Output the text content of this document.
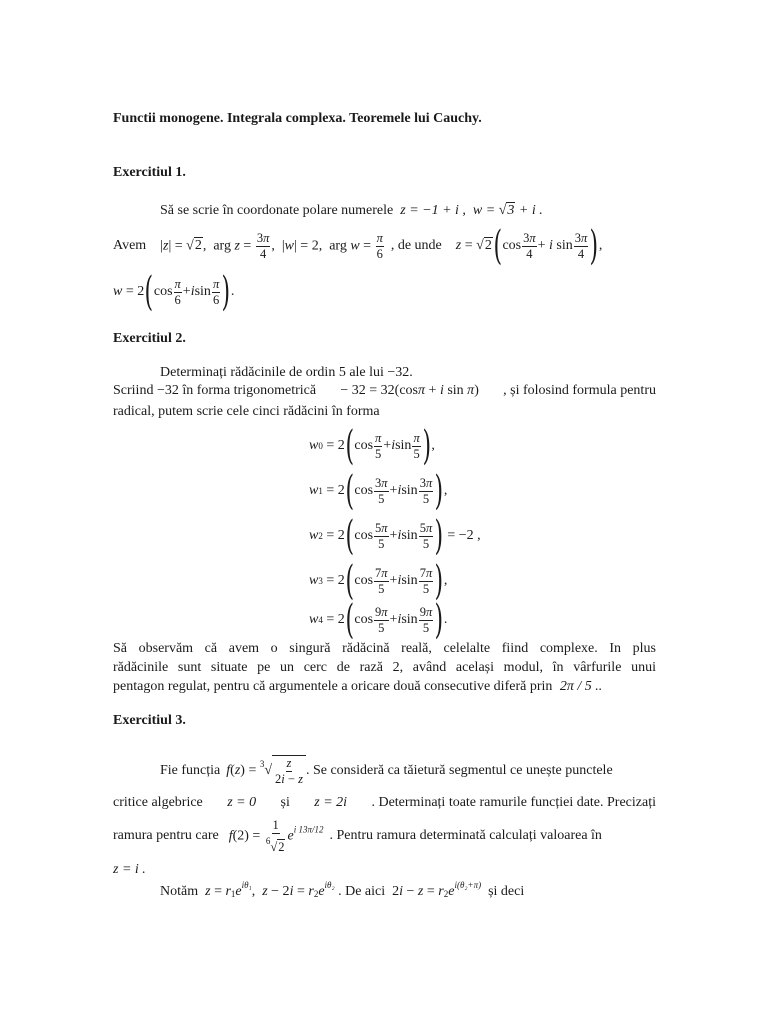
Functii monogene. Integrala complexa. Teoremele lui Cauchy.
Exercitiul 1.
Să se scrie în coordonate polare numerele  z = −1 + i ,  w = √3 + i .
Avem |z| = √2,  arg $z = \frac{3\pi}{4}$ ,  |w| = 2,  arg $w = \frac{\pi}{6}$ , de unde $z = √2(\cos \frac{3\pi}{4} + i$ $\sin \frac{3\pi}{4}$ ),
w = 2 ( $\cos \frac{\pi}{6} + i$ $\sin \frac{\pi}{6}$ ) .
Exercitiul 2.
Determinați rădăcinile de ordin 5 ale lui −32.
Scriind −32 în forma trigonometrică − 32 = 32(cosπ + i sin π) , și folosind formula pentru
radical, putem scrie cele cinci rădăcini în forma
w 0 = 2 ( $\cos \frac{\pi}{5} + i$ $\sin \frac{\pi}{5}$ ) ,
w 1 = 2 ( $\cos \frac{3\pi}{5} + i$ $\sin \frac{3\pi}{5}$ ) ,
w 2 = 2 ( $\cos \frac{5\pi}{5} + i$ $\sin \frac{5\pi}{5}$ ) = −2 ,
w 3 = 2 ( $\cos \frac{7\pi}{5} + i$ $\sin \frac{7\pi}{5}$ ) ,
w 4 = 2 ( $\cos \frac{9\pi}{5} + i$ $\sin \frac{9\pi}{5}$ ) .
Să observăm că avem o singură rădăcină reală, celelalte fiind complexe. In plus
rădăcinile sunt situate pe un cerc de rază 2, având același modul, în vârfurile unui
pentagon regulat, pentru că argumentele a oricare două consecutive diferă prin 2π / 5 ..
Exercitiul 3.
Fie funcția $f(z) = ^3√ \frac{z}{2i - z}$ . Se consideră ca tăietură segmentul ce unește punctele
critice algebrice z = 0 și z = 2i . Determinați toate ramurile funcției date. Precizați
ramura pentru care $f(2) = \frac{1}{^6√2} e^{i 13\pi/12}$ . Pentru ramura determinată calculați valoarea în
z = i .
Notăm $z = r_1e^{i\theta_1}$,  $z - 2i = r_2e^{i\theta_2}$ . De aici  $2i - z = r_2e^{i(\theta_2+\pi)}$ și deci
